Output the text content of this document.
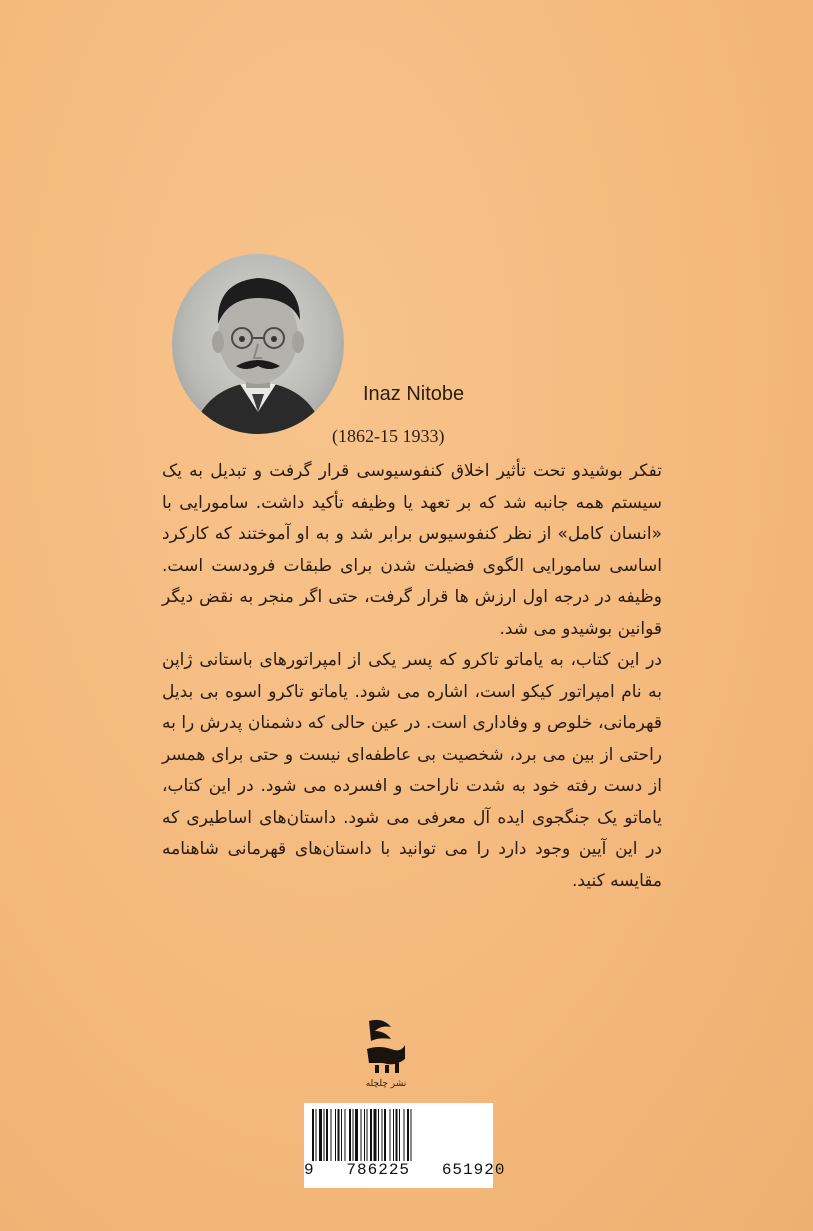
Inaz Nitobe
(1862-15 1933)

تفکر بوشیدو تحت تأثیر اخلاق کنفوسیوسی قرار گرفت و تبدیل به یک سیستم همه جانبه شد که بر تعهد یا وظیفه تأکید داشت. سامورایی با «انسان کامل» از نظر کنفوسیوس برابر شد و به او آموختند که کارکرد اساسی سامورایی الگوی فضیلت شدن برای طبقات فرودست است. وظیفه در درجه اول ارزش ها قرار گرفت، حتی اگر منجر به نقض دیگر قوانین بوشیدو می شد.

در این کتاب، به یاماتو تاکرو که پسر یکی از امپراتورهای باستانی ژاپن به نام امپراتور کیکو است، اشاره می شود. یاماتو تاکرو اسوه بی بدیل قهرمانی، خلوص و وفاداری است. در عین حالی که دشمنان پدرش را به راحتی از بین می برد، شخصیت بی عاطفه‌ای نیست و حتی برای همسر از دست رفته خود به شدت ناراحت و افسرده می شود. در این کتاب، یاماتو یک جنگجوی ایده آل معرفی می شود. داستان‌های اساطیری که در این آیین وجود دارد را می توانید با داستان‌های قهرمانی شاهنامه مقایسه کنید.

نشر چلچله
9   786225   651920
